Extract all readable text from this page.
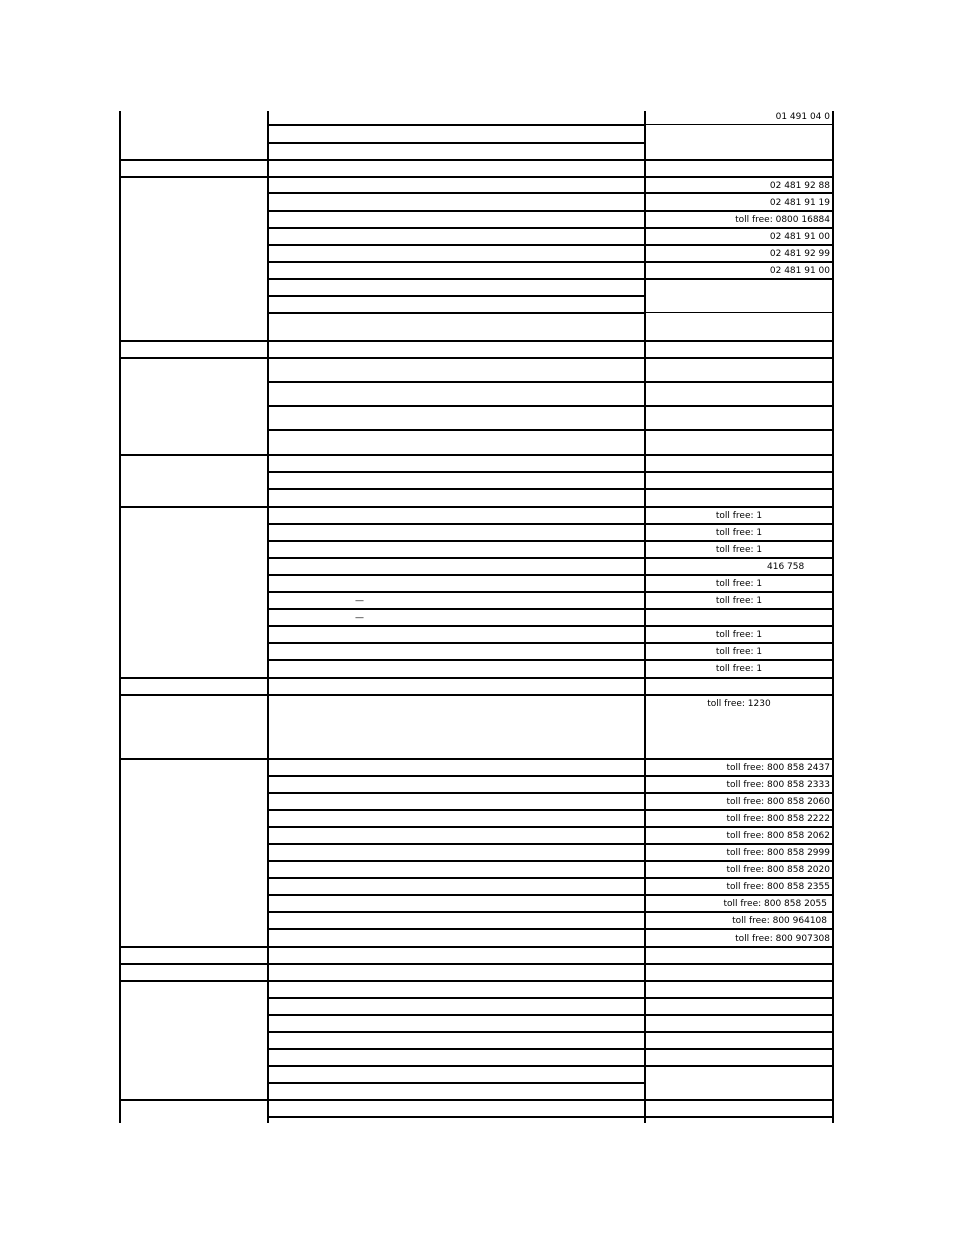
01 491 04 0
02 481 92 88
02 481 91 19
toll free: 0800 16884
02 481 91 00
02 481 92 99
02 481 91 00
toll free: 1
toll free: 1
toll free: 1
416 758
toll free: 1
toll free: 1
toll free: 1
toll free: 1
toll free: 1
—
—
toll free: 1230
toll free: 800 858 2437
toll free: 800 858 2333
toll free: 800 858 2060
toll free: 800 858 2222
toll free: 800 858 2062
toll free: 800 858 2999
toll free: 800 858 2020
toll free: 800 858 2355
toll free: 800 858 2055
toll free: 800 964108
toll free: 800 907308
